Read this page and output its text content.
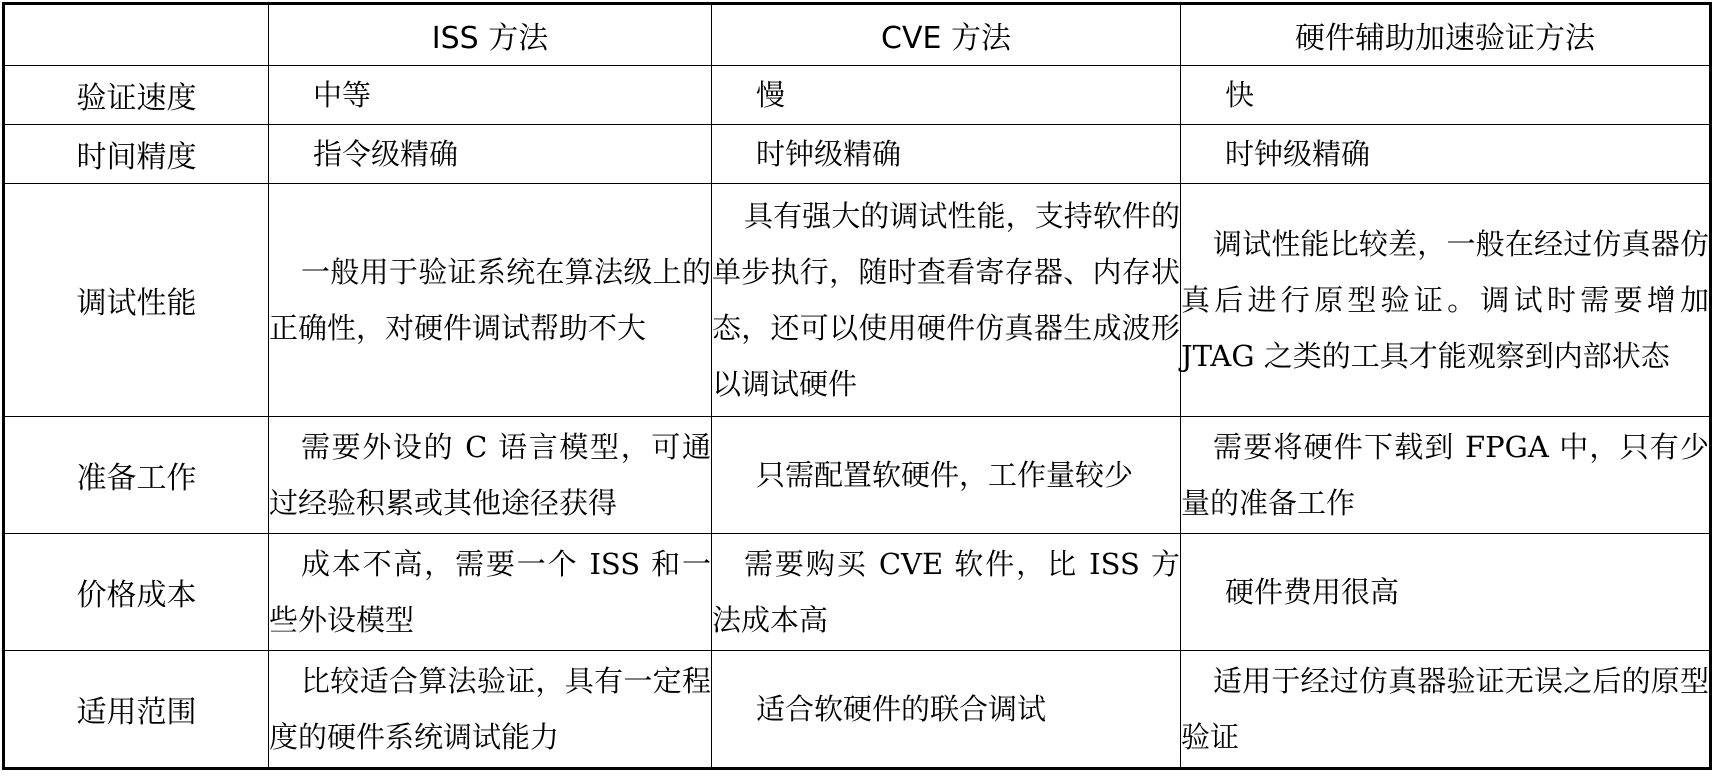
	ISS 方法	CVE 方法	硬件辅助加速验证方法
验证速度	中等	慢	快
时间精度	指令级精确	时钟级精确	时钟级精确
调试性能	一般用于验证系统在算法级上的正确性，对硬件调试帮助不大	具有强大的调试性能，支持软件的单步执行，随时查看寄存器、内存状态，还可以使用硬件仿真器生成波形以调试硬件	调试性能比较差，一般在经过仿真器仿真后进行原型验证。调试时需要增加 JTAG 之类的工具才能观察到内部状态
准备工作	需要外设的 C 语言模型，可通过经验积累或其他途径获得	只需配置软硬件，工作量较少	需要将硬件下载到 FPGA 中，只有少量的准备工作
价格成本	成本不高，需要一个 ISS 和一些外设模型	需要购买 CVE 软件，比 ISS 方法成本高	硬件费用很高
适用范围	比较适合算法验证，具有一定程度的硬件系统调试能力	适合软硬件的联合调试	适用于经过仿真器验证无误之后的原型验证
